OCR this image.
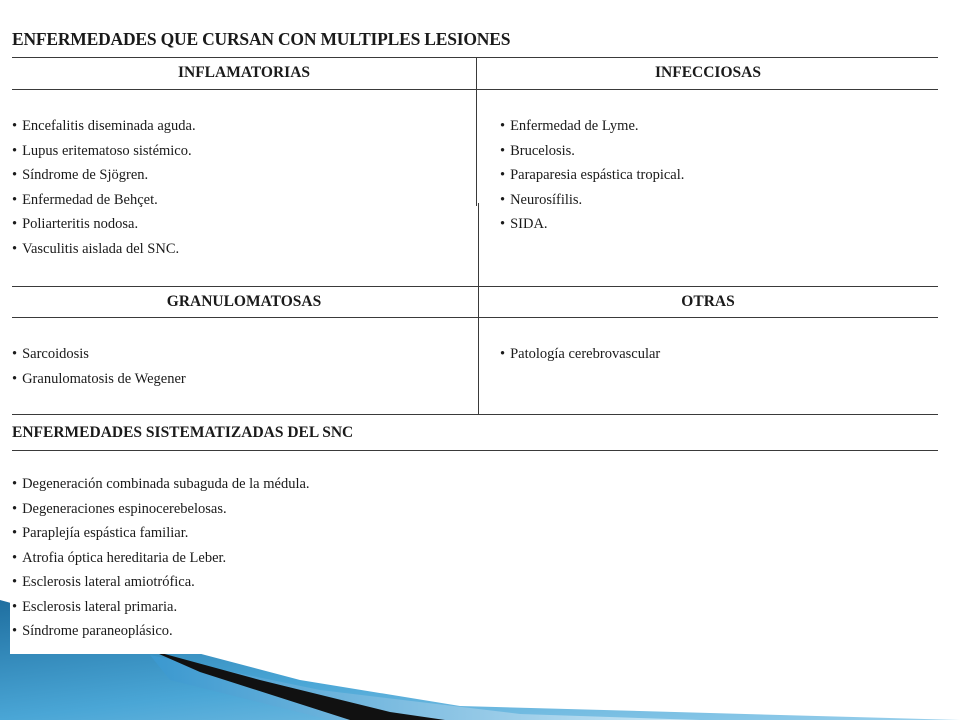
ENFERMEDADES QUE CURSAN CON MULTIPLES LESIONES
INFLAMATORIAS	INFECCIOSAS
GRANULOMATOSAS	OTRAS
ENFERMEDADES SISTEMATIZADAS DEL SNC
• Encefalitis diseminada aguda.
• Lupus eritematoso sistémico.
• Síndrome de Sjögren.
• Enfermedad de Behçet.
• Poliarteritis nodosa.
• Vasculitis aislada del SNC.
• Enfermedad de Lyme.
• Brucelosis.
• Paraparesia espástica tropical.
• Neurosífilis.
• SIDA.
• Sarcoidosis
• Granulomatosis de Wegener
• Patología cerebrovascular
• Degeneración combinada subaguda de la médula.
• Degeneraciones espinocerebelosas.
• Paraplejía espástica familiar.
• Atrofia óptica hereditaria de Leber.
• Esclerosis lateral amiotrófica.
• Esclerosis lateral primaria.
• Síndrome paraneoplásico.
